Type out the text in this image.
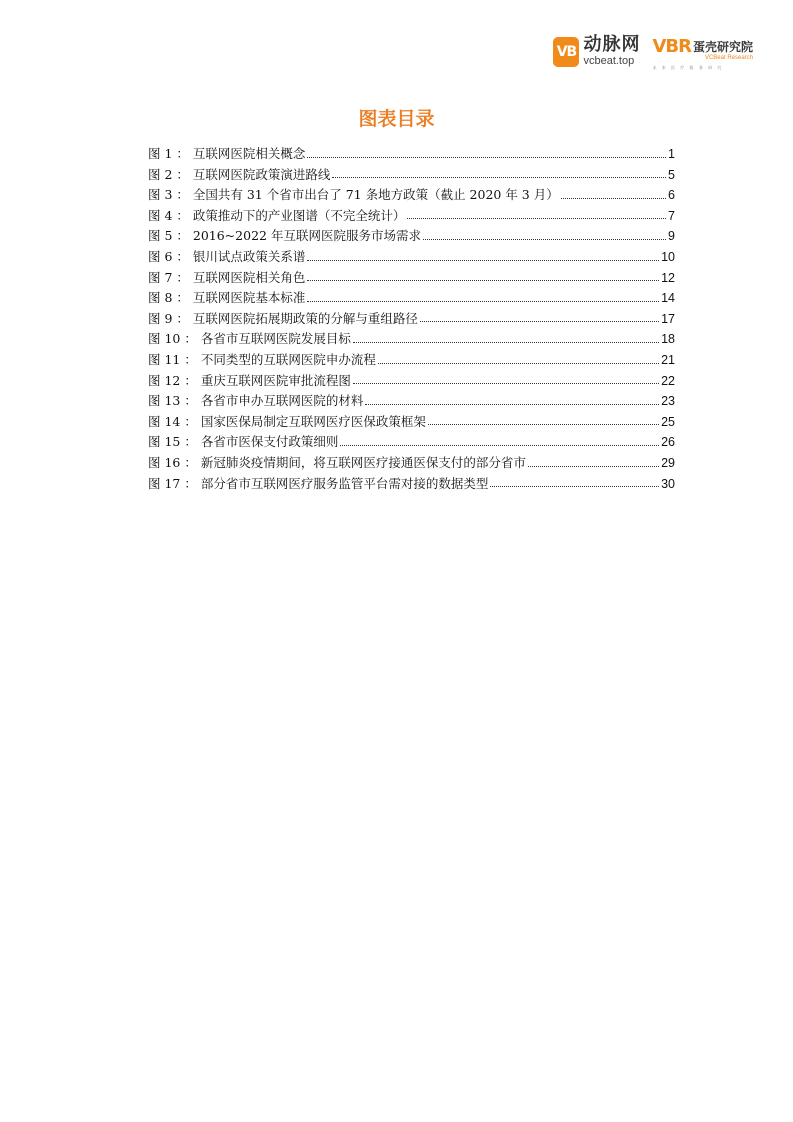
VB 动脉网
vcbeat.top
VBR 蛋壳研究院
VCBeat Research
未 来 医 疗 服 务 研 究
图表目录
图 1 ： 互联网医院相关概念	1
图 2 ： 互联网医院政策演进路线	5
图 3 ： 全国共有 31 个省市出台了 71 条地方政策（截止 2020 年 3 月）	6
图 4 ： 政策推动下的产业图谱（不完全统计）	7
图 5 ： 2016~2022 年互联网医院服务市场需求	9
图 6 ： 银川试点政策关系谱	10
图 7 ： 互联网医院相关角色	12
图 8 ： 互联网医院基本标准	14
图 9 ： 互联网医院拓展期政策的分解与重组路径	17
图 10 ： 各省市互联网医院发展目标	18
图 11 ： 不同类型的互联网医院申办流程	21
图 12 ： 重庆互联网医院审批流程图	22
图 13 ： 各省市申办互联网医院的材料	23
图 14 ： 国家医保局制定互联网医疗医保政策框架	25
图 15 ： 各省市医保支付政策细则	26
图 16 ： 新冠肺炎疫情期间，将互联网医疗接通医保支付的部分省市	29
图 17 ： 部分省市互联网医疗服务监管平台需对接的数据类型	30
